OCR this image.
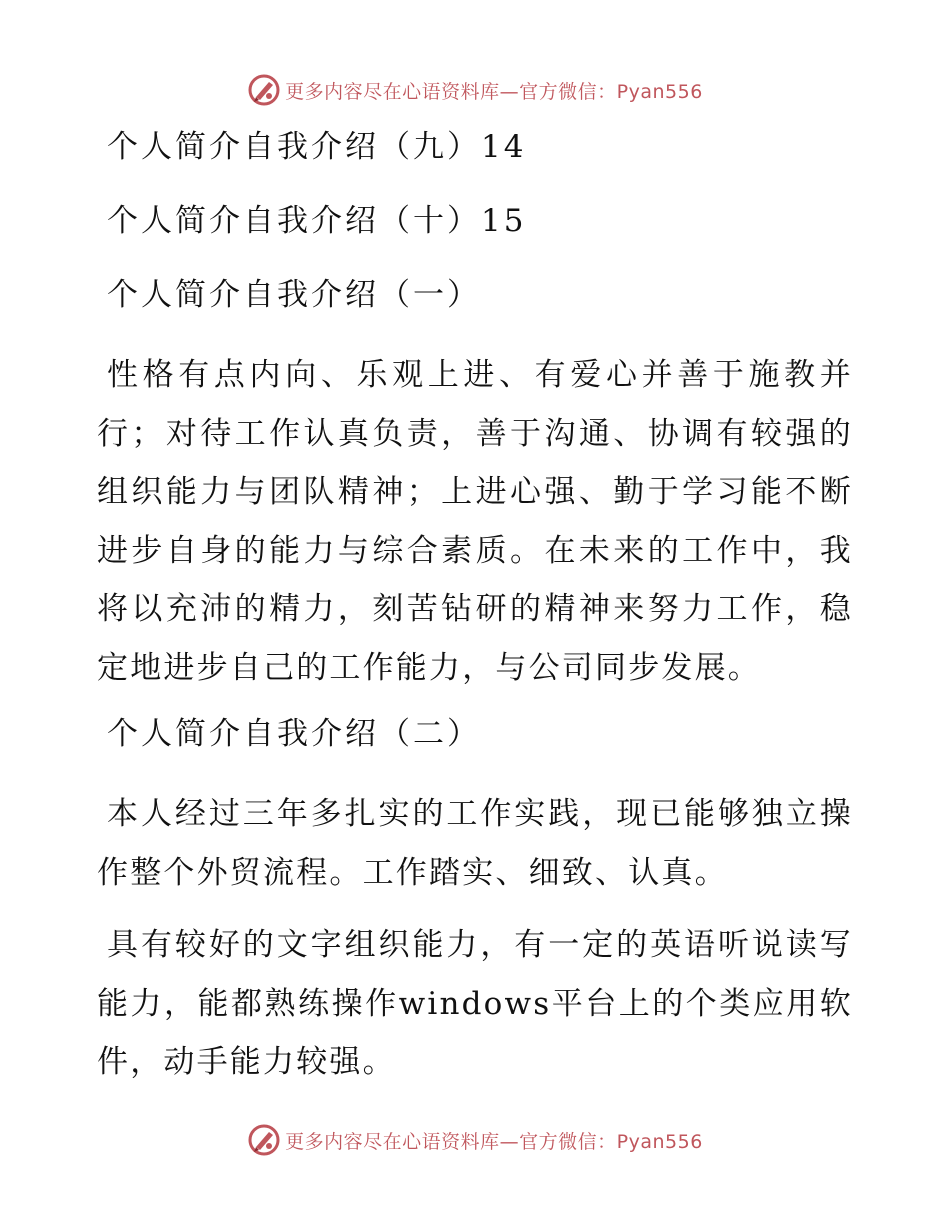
更多内容尽在心语资料库—官方微信：Pyan556
个人简介自我介绍（九）14
个人简介自我介绍（十）15
个人简介自我介绍（一）

性格有点内向、乐观上进、有爱心并善于施教并行；对待工作认真负责，善于沟通、协调有较强的组织能力与团队精神；上进心强、勤于学习能不断进步自身的能力与综合素质。在未来的工作中，我将以充沛的精力，刻苦钻研的精神来努力工作，稳定地进步自己的工作能力，与公司同步发展。

个人简介自我介绍（二）

本人经过三年多扎实的工作实践，现已能够独立操作整个外贸流程。工作踏实、细致、认真。

具有较好的文字组织能力，有一定的英语听说读写能力，能都熟练操作windows平台上的个类应用软件，动手能力较强。

更多内容尽在心语资料库—官方微信：Pyan556
